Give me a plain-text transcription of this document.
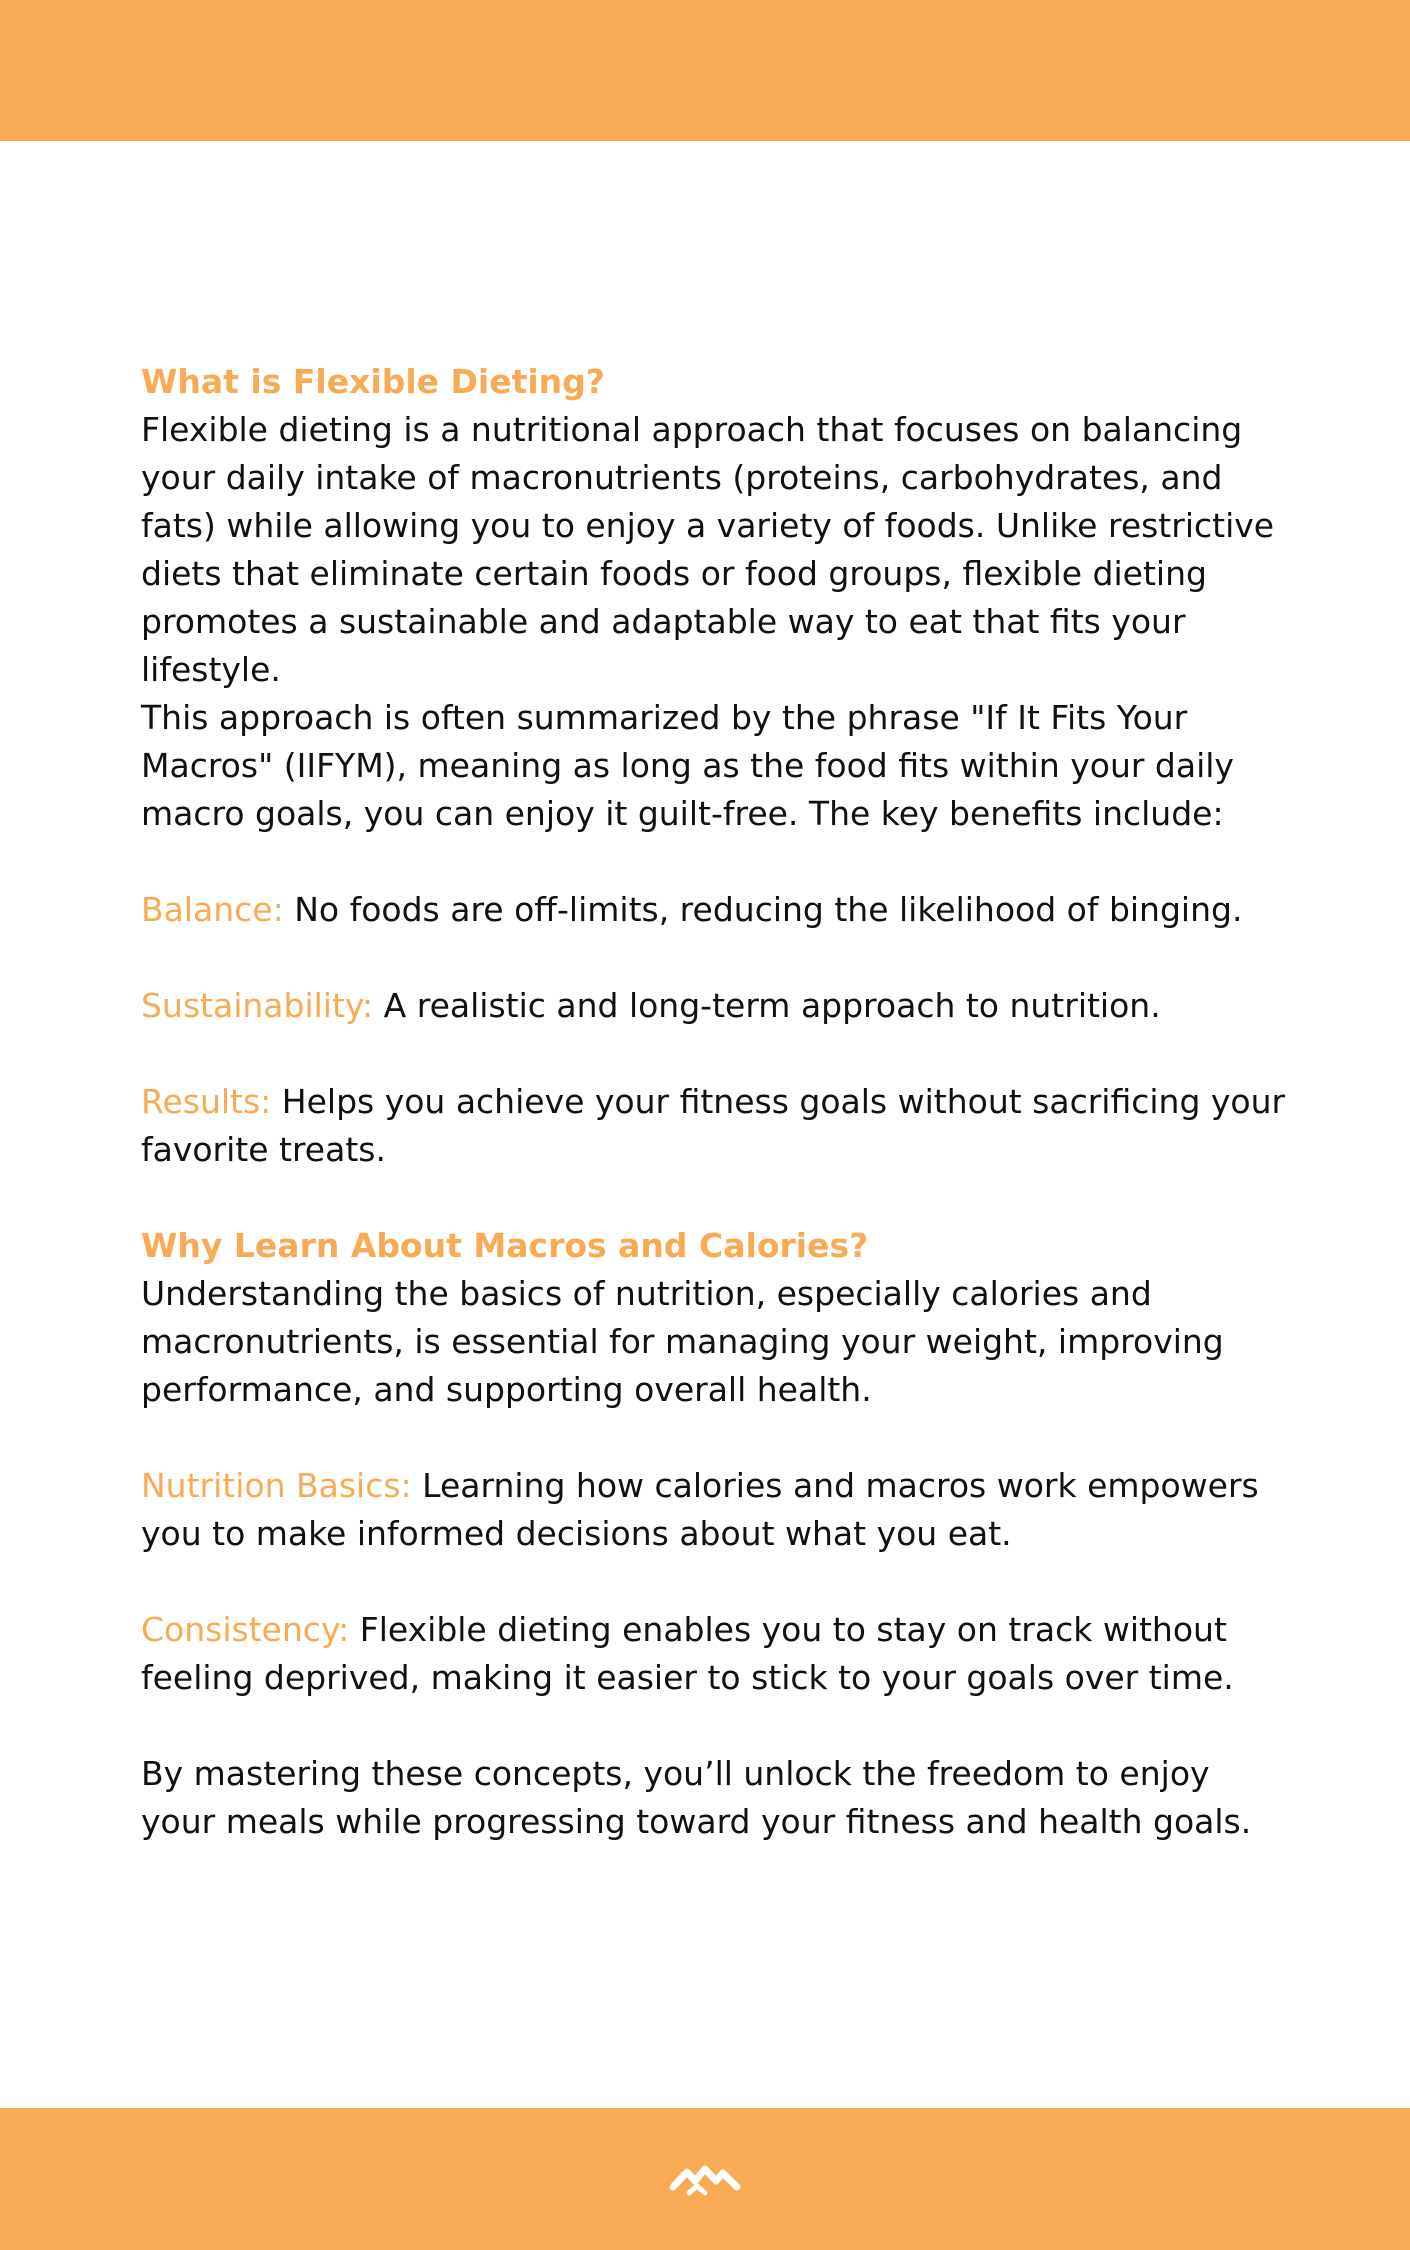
What is Flexible Dieting?

Flexible dieting is a nutritional approach that focuses on balancing your daily intake of macronutrients (proteins, carbohydrates, and fats) while allowing you to enjoy a variety of foods. Unlike restrictive diets that eliminate certain foods or food groups, flexible dieting promotes a sustainable and adaptable way to eat that fits your lifestyle.

This approach is often summarized by the phrase "If It Fits Your Macros" (IIFYM), meaning as long as the food fits within your daily macro goals, you can enjoy it guilt-free. The key benefits include:

Balance: No foods are off-limits, reducing the likelihood of binging.

Sustainability: A realistic and long-term approach to nutrition.

Results: Helps you achieve your fitness goals without sacrificing your favorite treats.

Why Learn About Macros and Calories?

Understanding the basics of nutrition, especially calories and macronutrients, is essential for managing your weight, improving performance, and supporting overall health.

Nutrition Basics: Learning how calories and macros work empowers you to make informed decisions about what you eat.

Consistency: Flexible dieting enables you to stay on track without feeling deprived, making it easier to stick to your goals over time.

By mastering these concepts, you’ll unlock the freedom to enjoy your meals while progressing toward your fitness and health goals.
